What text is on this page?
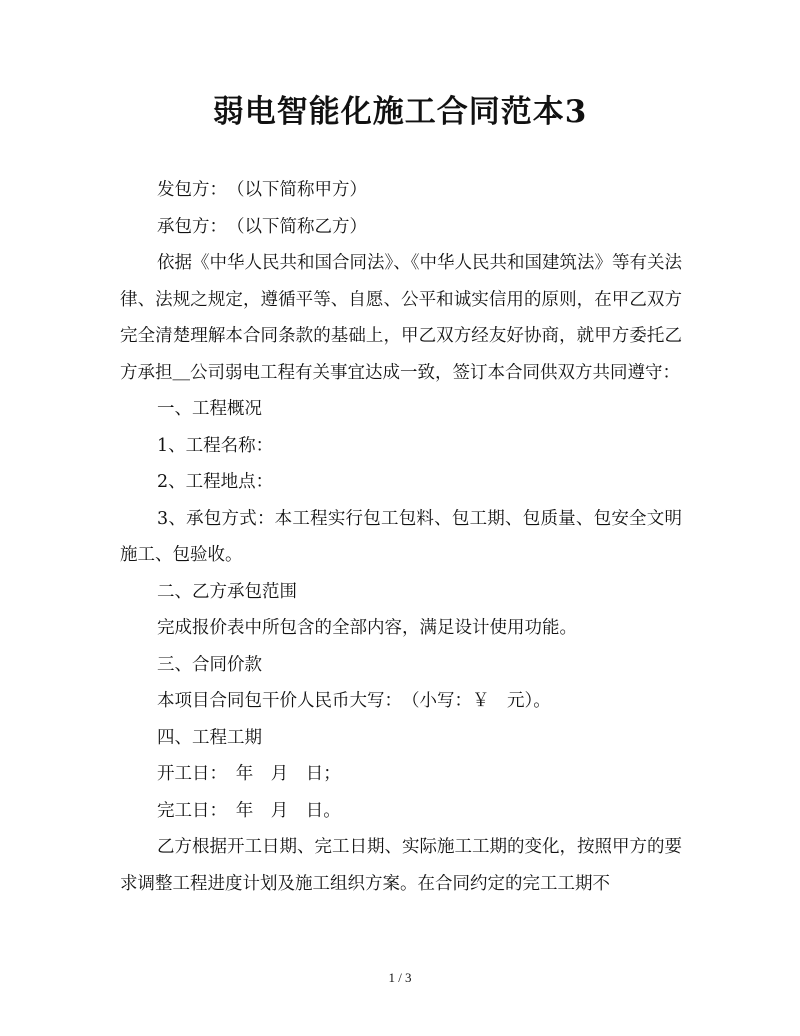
弱电智能化施工合同范本3

发包方：　（以下简称甲方）

承包方：　（以下简称乙方）

依据《中华人民共和国合同法》、《中华人民共和国建筑法》等有关法律、法规之规定，遵循平等、自愿、公平和诚实信用的原则，在甲乙双方完全清楚理解本合同条款的基础上，甲乙双方经友好协商，就甲方委托乙方承担＿公司弱电工程有关事宜达成一致，签订本合同供双方共同遵守：

一、工程概况

1、工程名称：

2、工程地点：

3、承包方式：本工程实行包工包料、包工期、包质量、包安全文明施工、包验收。

二、乙方承包范围

完成报价表中所包含的全部内容，满足设计使用功能。

三、合同价款

本项目合同包干价人民币大写：　（小写：￥　元）。

四、工程工期

开工日：　年　月　日；

完工日：　年　月　日。

乙方根据开工日期、完工日期、实际施工工期的变化，按照甲方的要求调整工程进度计划及施工组织方案。在合同约定的完工工期不

1 / 3
